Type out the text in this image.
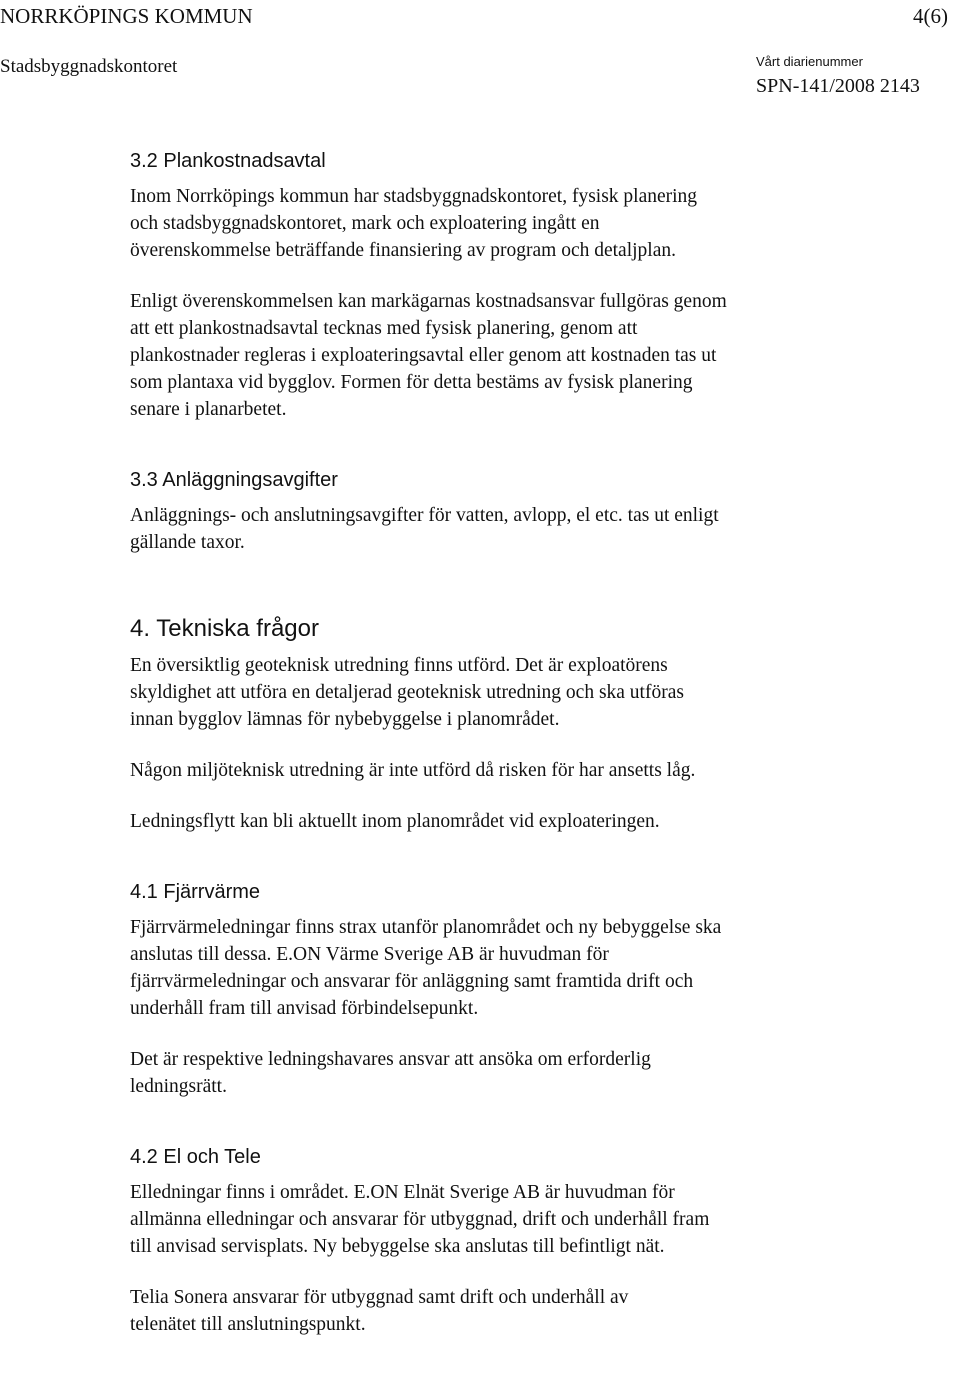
NORRKÖPINGS KOMMUN	4(6)
Stadsbyggnadskontoret	Vårt diarienummer
SPN-141/2008 2143
3.2 Plankostnadsavtal

Inom Norrköpings kommun har stadsbyggnadskontoret, fysisk planering
och stadsbyggnadskontoret, mark och exploatering ingått en
överenskommelse beträffande finansiering av program och detaljplan.

Enligt överenskommelsen kan markägarnas kostnadsansvar fullgöras genom
att ett plankostnadsavtal tecknas med fysisk planering, genom att
plankostnader regleras i exploateringsavtal eller genom att kostnaden tas ut
som plantaxa vid bygglov. Formen för detta bestäms av fysisk planering
senare i planarbetet.

3.3 Anläggningsavgifter

Anläggnings- och anslutningsavgifter för vatten, avlopp, el etc. tas ut enligt
gällande taxor.

4. Tekniska frågor

En översiktlig geoteknisk utredning finns utförd. Det är exploatörens
skyldighet att utföra en detaljerad geoteknisk utredning och ska utföras
innan bygglov lämnas för nybebyggelse i planområdet.

Någon miljöteknisk utredning är inte utförd då risken för har ansetts låg.

Ledningsflytt kan bli aktuellt inom planområdet vid exploateringen.

4.1 Fjärrvärme

Fjärrvärmeledningar finns strax utanför planområdet och ny bebyggelse ska
anslutas till dessa. E.ON Värme Sverige AB är huvudman för
fjärrvärmeledningar och ansvarar för anläggning samt framtida drift och
underhåll fram till anvisad förbindelsepunkt.

Det är respektive ledningshavares ansvar att ansöka om erforderlig
ledningsrätt.

4.2 El och Tele

Elledningar finns i området. E.ON Elnät Sverige AB är huvudman för
allmänna elledningar och ansvarar för utbyggnad, drift och underhåll fram
till anvisad servisplats. Ny bebyggelse ska anslutas till befintligt nät.

Telia Sonera ansvarar för utbyggnad samt drift och underhåll av
telenätet till anslutningspunkt.
